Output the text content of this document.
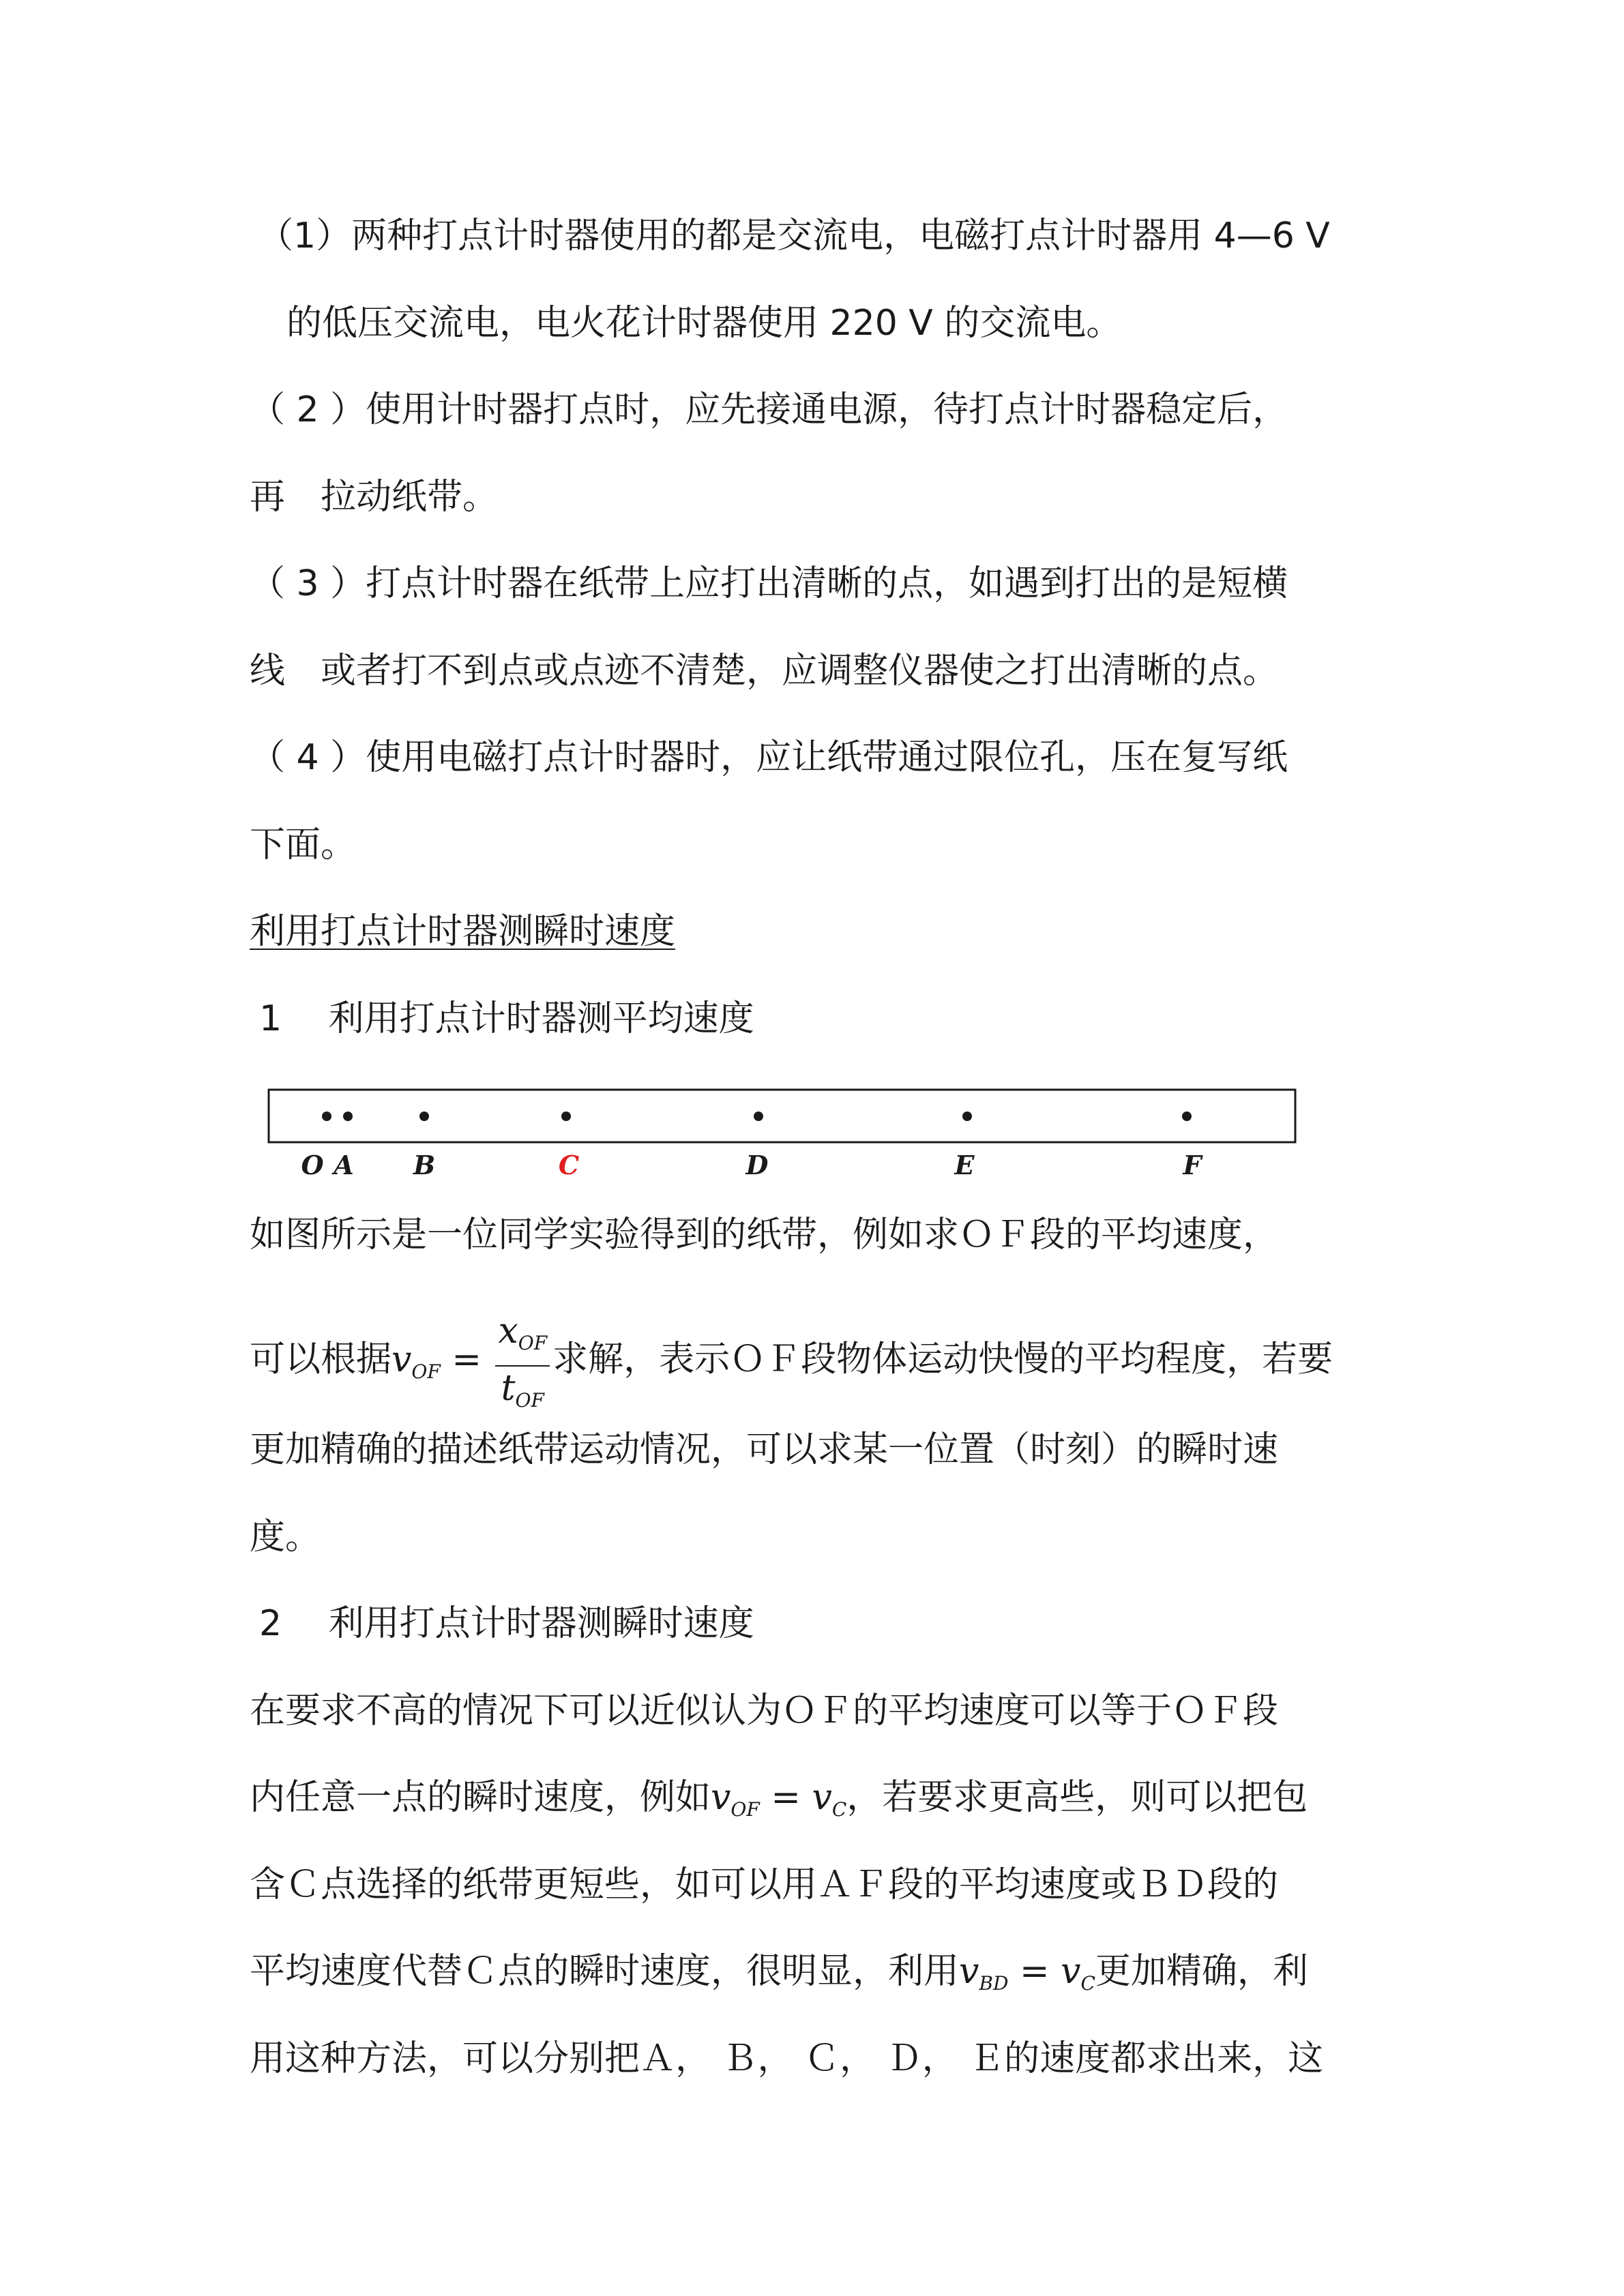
（1）两种打点计时器使用的都是交流电，电磁打点计时器用 4—6 V
的低压交流电，电火花计时器使用 220 V 的交流电。
（ 2 ）使用计时器打点时，应先接通电源，待打点计时器稳定后，
再　拉动纸带。
（ 3 ）打点计时器在纸带上应打出清晰的点，如遇到打出的是短横
线　或者打不到点或点迹不清楚，应调整仪器使之打出清晰的点。
（ 4 ）使用电磁打点计时器时，应让纸带通过限位孔，压在复写纸
下面。
利用打点计时器测瞬时速度
1　 利用打点计时器测平均速度
O A B	C	D	E	F
如图所示是一位同学实验得到的纸带，例如求ＯＦ段的平均速度，
可以根据$v_{OF} = \frac{x_{OF}}{t_{OF}}$ 求解，表示ＯＦ段物体运动快慢的平均程度，若要
更加精确的描述纸带运动情况，可以求某一位置（时刻）的瞬时速
度。
2　 利用打点计时器测瞬时速度
在要求不高的情况下可以近似认为ＯＦ的平均速度可以等于ＯＦ段
内任意一点的瞬时速度，例如$v_{OF} = v_C$，若要求更高些，则可以把包
含Ｃ点选择的纸带更短些，如可以用ＡＦ段的平均速度或ＢＤ段的
平均速度代替Ｃ点的瞬时速度，很明显，利用$v_{BD} = v_C$更加精确，利
用这种方法，可以分别把Ａ， Ｂ， Ｃ， Ｄ， Ｅ的速度都求出来，这
